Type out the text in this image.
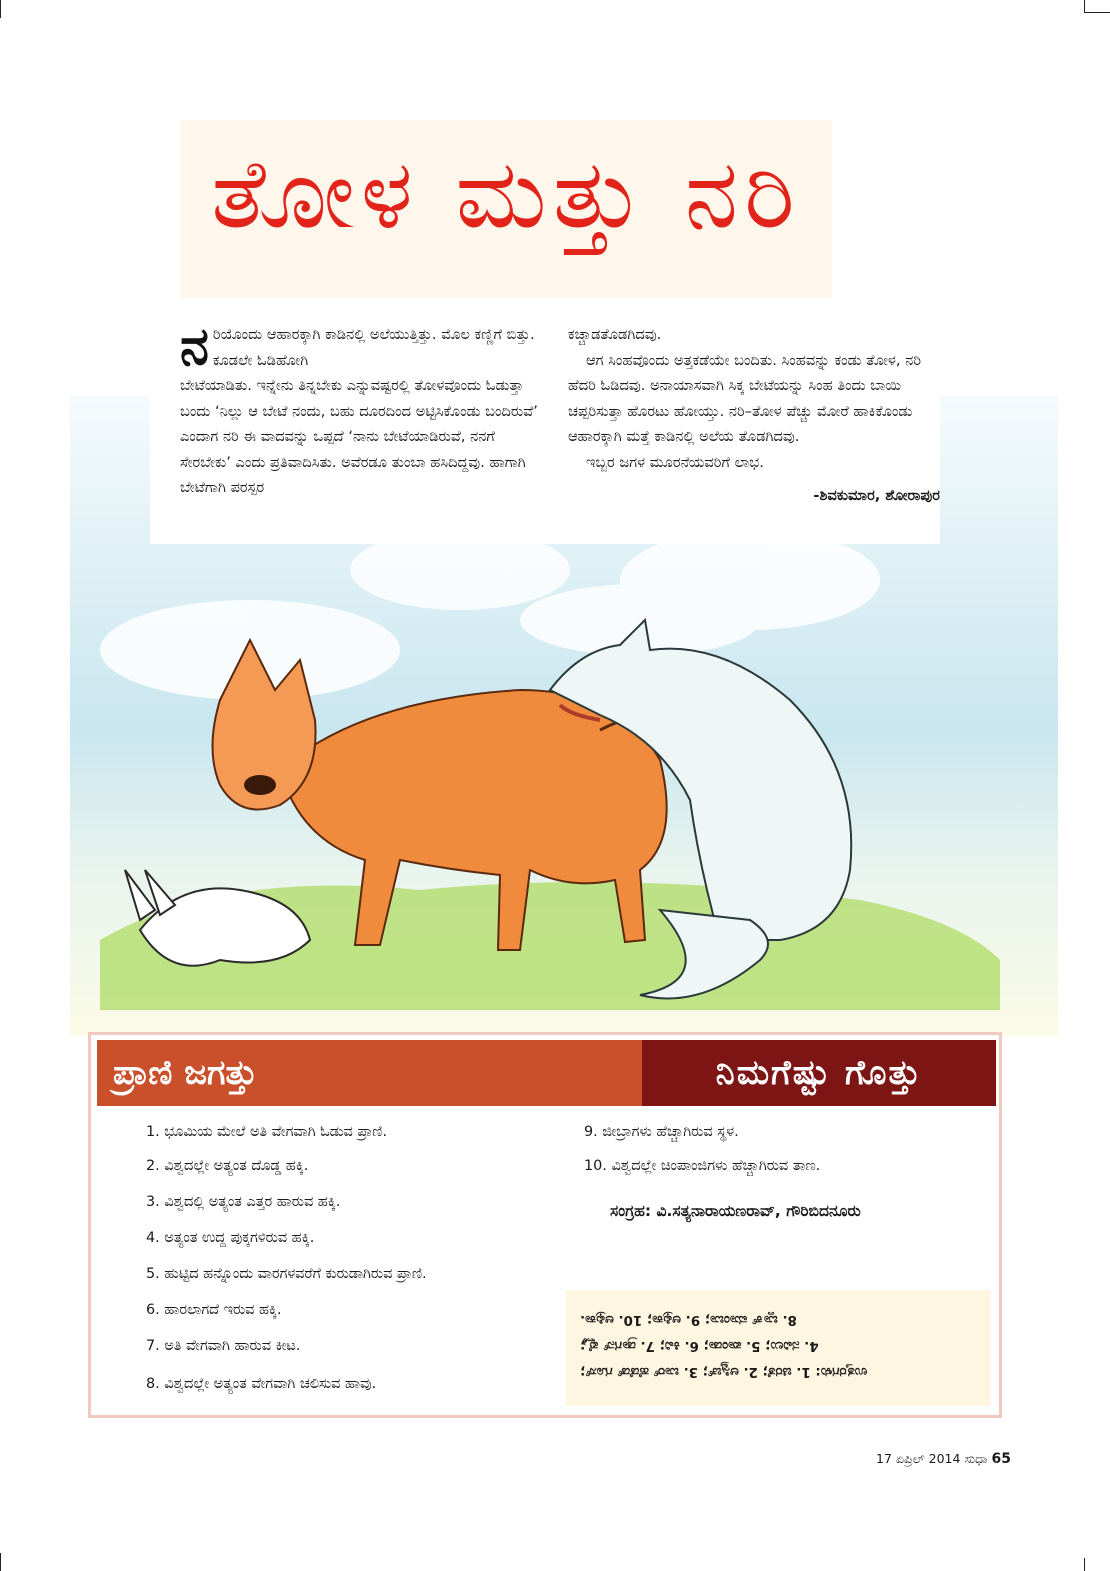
ತೋಳ ಮತ್ತು ನರಿ

ನರಿಯೊಂದು ಆಹಾರಕ್ಕಾಗಿ ಕಾಡಿನಲ್ಲಿ ಅಲೆಯುತ್ತಿತ್ತು. ಮೊಲ ಕಣ್ಣಿಗೆ ಬಿತ್ತು. ಕೂಡಲೇ ಓಡಿಹೋಗಿ

ಬೇಟೆಯಾಡಿತು. ಇನ್ನೇನು ತಿನ್ನಬೇಕು ಎನ್ನುವಷ್ಟರಲ್ಲಿ ತೋಳವೊಂದು ಓಡುತ್ತಾ ಬಂದು ‘ನಿಲ್ಲು ಆ ಬೇಟೆ ನಂದು, ಬಹು ದೂರದಿಂದ ಅಟ್ಟಿಸಿಕೊಂಡು ಬಂದಿರುವೆ’ ಎಂದಾಗ ನರಿ ಈ ವಾದವನ್ನು ಒಪ್ಪದೆ ‘ನಾನು ಬೇಟೆಯಾಡಿರುವೆ, ನನಗೆ ಸೇರಬೇಕು’ ಎಂದು ಪ್ರತಿವಾದಿಸಿತು. ಅವೆರಡೂ ತುಂಬಾ ಹಸಿದಿದ್ದವು. ಹಾಗಾಗಿ ಬೇಟೆಗಾಗಿ ಪರಸ್ಪರ

ಕಚ್ಚಾಡತೊಡಗಿದವು.

ಆಗ ಸಿಂಹವೊಂದು ಅತ್ತಕಡೆಯೇ ಬಂದಿತು. ಸಿಂಹವನ್ನು ಕಂಡು ತೋಳ, ನರಿ ಹೆದರಿ ಓಡಿದವು. ಅನಾಯಾಸವಾಗಿ ಸಿಕ್ಕ ಬೇಟೆಯನ್ನು ಸಿಂಹ ತಿಂದು ಬಾಯಿ ಚಪ್ಪರಿಸುತ್ತಾ ಹೊರಟು ಹೋಯ್ತು. ನರಿ–ತೋಳ ಪೆಚ್ಚು ಮೋರೆ ಹಾಕಿಕೊಂಡು ಆಹಾರಕ್ಕಾಗಿ ಮತ್ತೆ ಕಾಡಿನಲ್ಲಿ ಅಲೆಯ ತೊಡಗಿದವು.

ಇಬ್ಬರ ಜಗಳ ಮೂರನೆಯವರಿಗೆ ಲಾಭ.

-ಶಿವಕುಮಾರ, ಶೋರಾಪುರ

ಪ್ರಾಣಿ ಜಗತ್ತು	ನಿಮಗೆಷ್ಟು ಗೊತ್ತು
1. ಭೂಮಿಯ ಮೇಲೆ ಅತಿ ವೇಗವಾಗಿ ಓಡುವ ಪ್ರಾಣಿ.
2. ವಿಶ್ವದಲ್ಲೇ ಅತ್ಯಂತ ದೊಡ್ಡ ಹಕ್ಕಿ.
3. ವಿಶ್ವದಲ್ಲಿ ಅತ್ಯಂತ ಎತ್ತರ ಹಾರುವ ಹಕ್ಕಿ.
4. ಅತ್ಯಂತ ಉದ್ದ ಪುಕ್ಕಗಳಿರುವ ಹಕ್ಕಿ.
5. ಹುಟ್ಟಿದ ಹನ್ನೊಂದು ವಾರಗಳವರೆಗೆ ಕುರುಡಾಗಿರುವ ಪ್ರಾಣಿ.
6. ಹಾರಲಾಗದೆ ಇರುವ ಹಕ್ಕಿ.
7. ಅತಿ ವೇಗವಾಗಿ ಹಾರುವ ಕೀಟ.
8. ವಿಶ್ವದಲ್ಲೇ ಅತ್ಯಂತ ವೇಗವಾಗಿ ಚಲಿಸುವ ಹಾವು.
9. ಜೀಬ್ರಾಗಳು ಹೆಚ್ಚಾಗಿರುವ ಸ್ಥಳ.
10. ವಿಶ್ವದಲ್ಲೇ ಚಿಂಪಾಂಜಿಗಳು ಹೆಚ್ಚಾಗಿರುವ ತಾಣ.
ಸಂಗ್ರಹ: ವಿ.ಸತ್ಯನಾರಾಯಣರಾವ್, ಗೌರಿಬಿದನೂರು
ಉತ್ತರಗಳು: 1. ಚಿರತೆ; 2. ಆಸ್ಟ್ರಿಚ್; 3. ಬಾರ್ ಹೆಡೆಡ್ ಗೂಸ್;
4. ನವಿಲು; 5. ಪಾಂಡಾ; 6. ಕಿವಿ; 7. ಡ್ರಾಗನ್ ಫ್ಲೈ;
8. ಬ್ಲಾಕ್ ಮಾಂಬಾ; 9. ಆಫ್ರಿಕಾ; 10. ಆಫ್ರಿಕಾ.
17 ಏಪ್ರಿಲ್ 2014 ಸುಧಾ 65
